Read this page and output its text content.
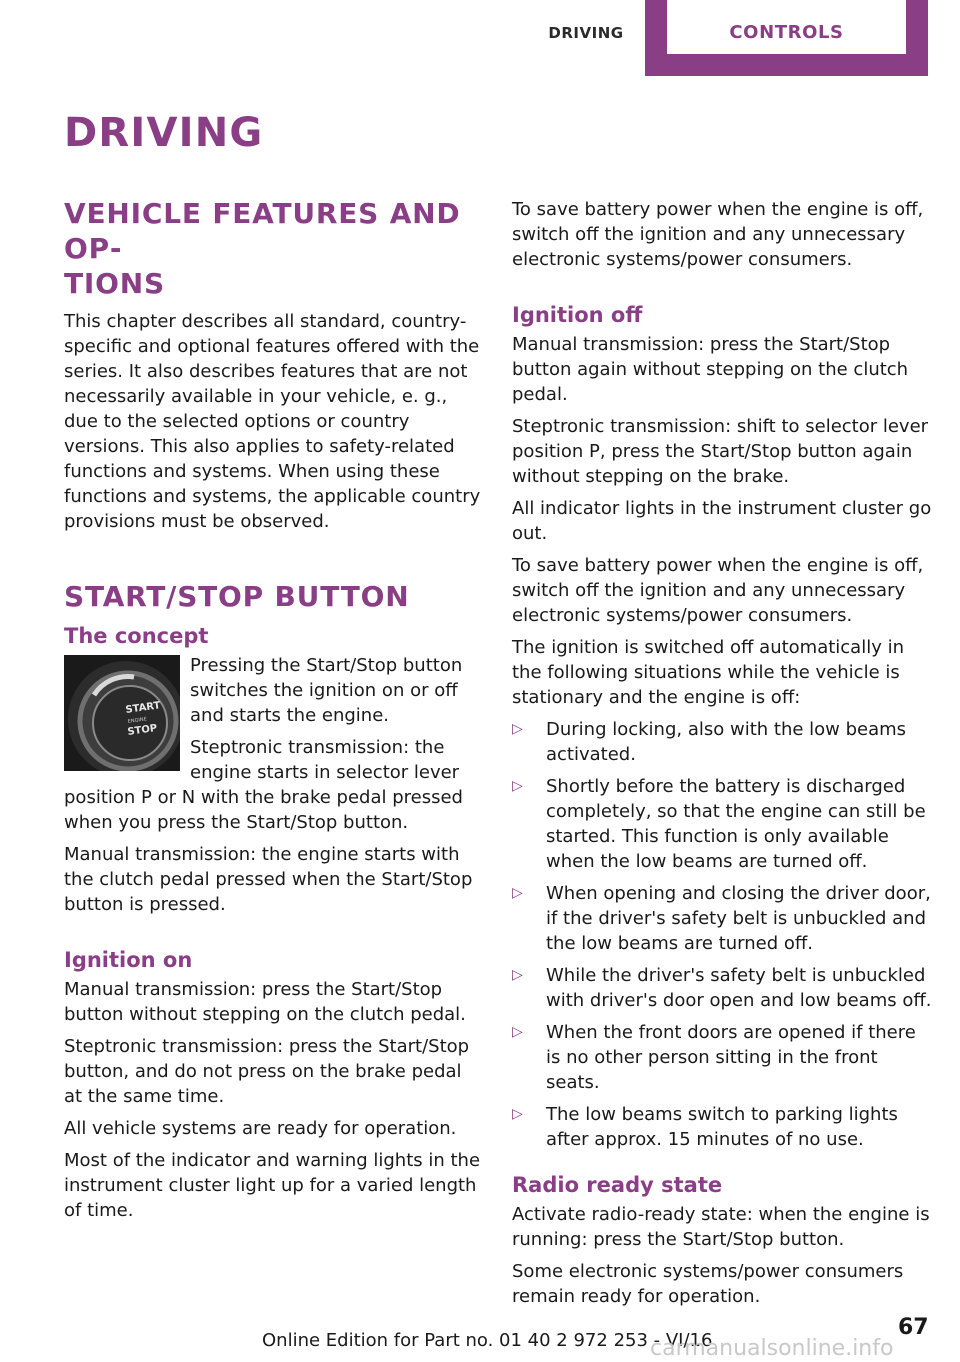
DRIVING	CONTROLS
DRIVING
VEHICLE FEATURES AND OP‐
TIONS

This chapter describes all standard, country-specific and optional features offered with the series. It also describes features that are not necessarily available in your vehicle, e. g., due to the selected options or country versions. This also applies to safety-related functions and systems. When using these functions and systems, the applicable country provisions must be observed.

START/STOP BUTTON
The concept
START
ENGINE
STOP

Pressing the Start/Stop button switches the ignition on or off and starts the engine.

Steptronic transmission: the engine starts in selector lever position P or N with the brake pedal pressed when you press the Start/Stop button.

Manual transmission: the engine starts with the clutch pedal pressed when the Start/Stop button is pressed.

Ignition on

Manual transmission: press the Start/Stop button without stepping on the clutch pedal.

Steptronic transmission: press the Start/Stop button, and do not press on the brake pedal at the same time.

All vehicle systems are ready for operation.

Most of the indicator and warning lights in the instrument cluster light up for a varied length of time.

To save battery power when the engine is off, switch off the ignition and any unnecessary electronic systems/power consumers.

Ignition off

Manual transmission: press the Start/Stop button again without stepping on the clutch pedal.

Steptronic transmission: shift to selector lever position P, press the Start/Stop button again without stepping on the brake.

All indicator lights in the instrument cluster go out.

To save battery power when the engine is off, switch off the ignition and any unnecessary electronic systems/power consumers.

The ignition is switched off automatically in the following situations while the vehicle is stationary and the engine is off:

▷ During locking, also with the low beams activated.
▷ Shortly before the battery is discharged completely, so that the engine can still be started. This function is only available when the low beams are turned off.
▷ When opening and closing the driver door, if the driver's safety belt is unbuckled and the low beams are turned off.
▷ While the driver's safety belt is unbuckled with driver's door open and low beams off.
▷ When the front doors are opened if there is no other person sitting in the front seats.
▷ The low beams switch to parking lights after approx. 15 minutes of no use.
Radio ready state

Activate radio-ready state: when the engine is running: press the Start/Stop button.

Some electronic systems/power consumers remain ready for operation.

Online Edition for Part no. 01 40 2 972 253 - VI/16
67
carmanualsonline.info
